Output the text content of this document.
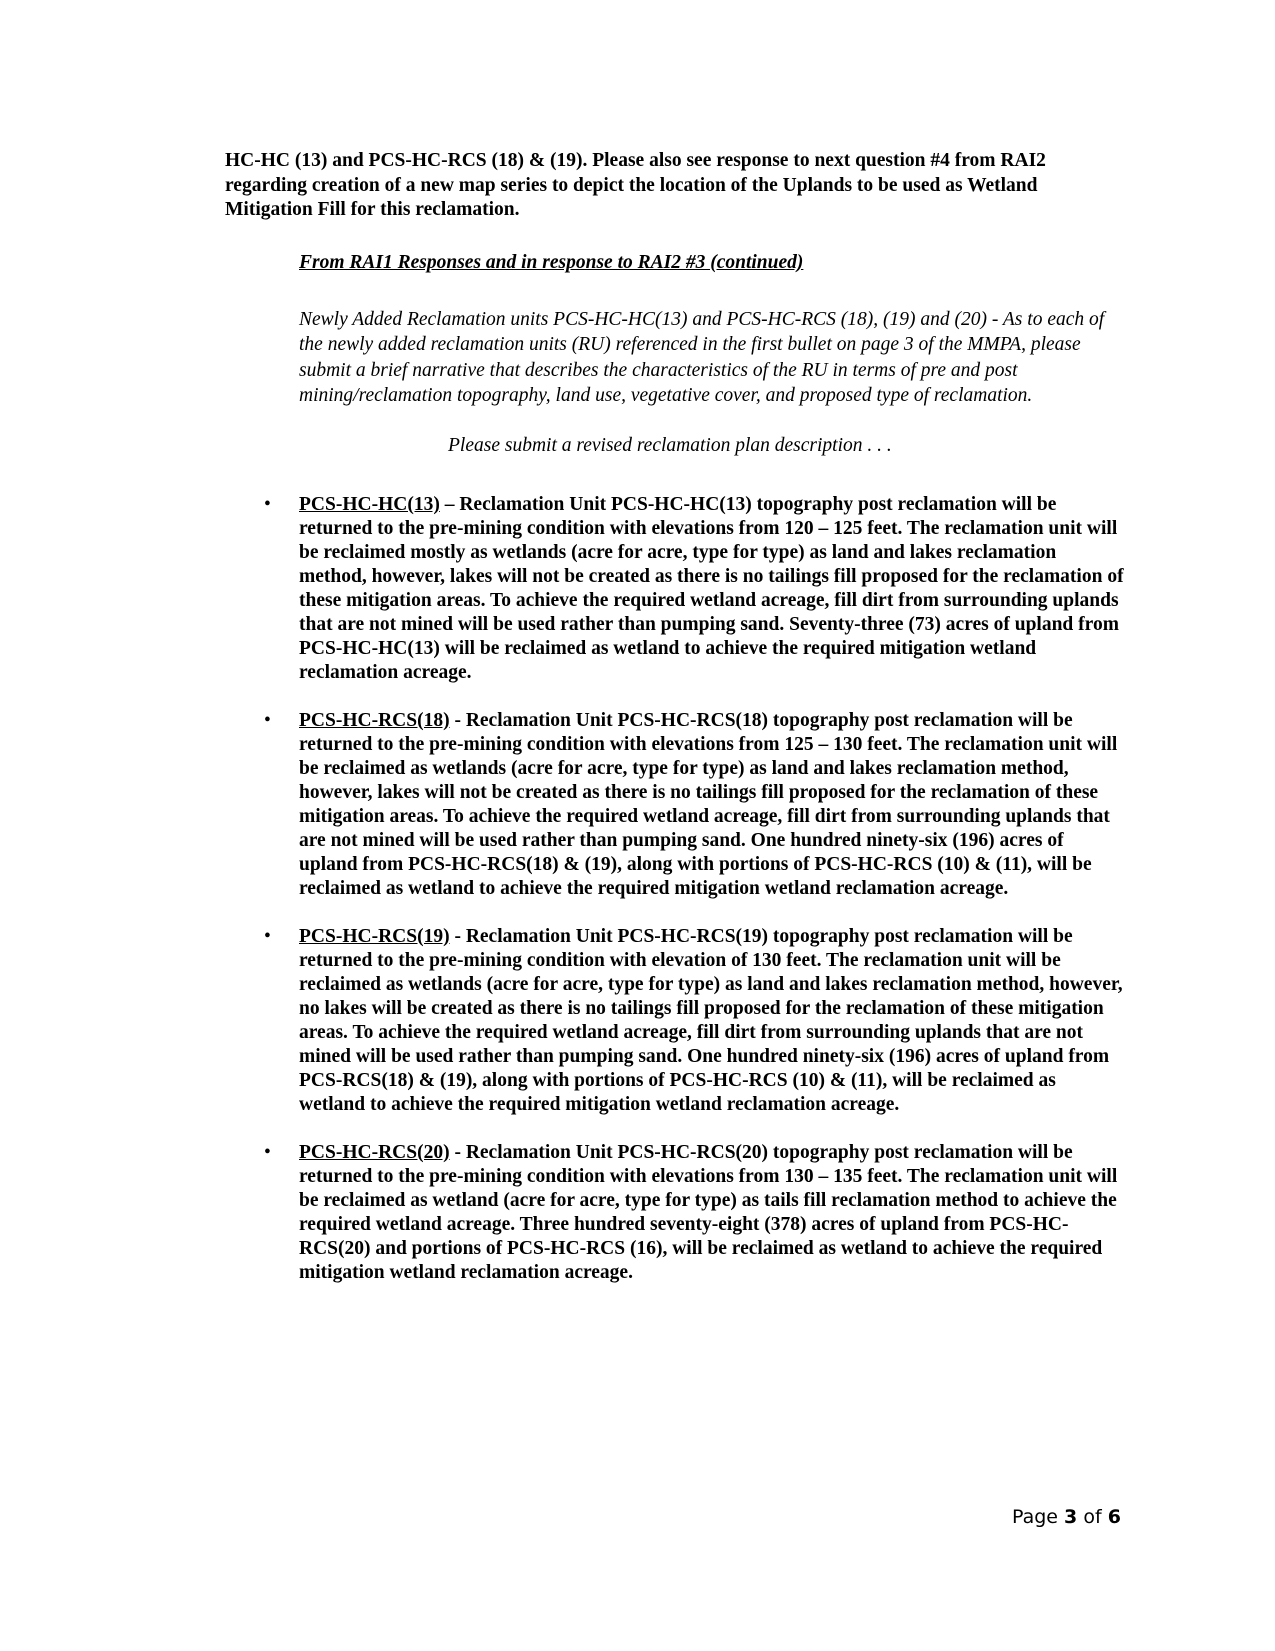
HC-HC (13) and PCS-HC-RCS (18) & (19). Please also see response to next question #4 from RAI2 regarding creation of a new map series to depict the location of the Uplands to be used as Wetland Mitigation Fill for this reclamation.

From RAI1 Responses and in response to RAI2 #3 (continued)

Newly Added Reclamation units PCS-HC-HC(13) and PCS-HC-RCS (18), (19) and (20) - As to each of the newly added reclamation units (RU) referenced in the first bullet on page 3 of the MMPA, please submit a brief narrative that describes the characteristics of the RU in terms of pre and post mining/reclamation topography, land use, vegetative cover, and proposed type of reclamation.

Please submit a revised reclamation plan description . . .

• PCS-HC-HC(13) – Reclamation Unit PCS-HC-HC(13) topography post reclamation will be returned to the pre-mining condition with elevations from 120 – 125 feet. The reclamation unit will be reclaimed mostly as wetlands (acre for acre, type for type) as land and lakes reclamation method, however, lakes will not be created as there is no tailings fill proposed for the reclamation of these mitigation areas. To achieve the required wetland acreage, fill dirt from surrounding uplands that are not mined will be used rather than pumping sand. Seventy-three (73) acres of upland from PCS-HC-HC(13) will be reclaimed as wetland to achieve the required mitigation wetland reclamation acreage.
• PCS-HC-RCS(18) - Reclamation Unit PCS-HC-RCS(18) topography post reclamation will be returned to the pre-mining condition with elevations from 125 – 130 feet. The reclamation unit will be reclaimed as wetlands (acre for acre, type for type) as land and lakes reclamation method, however, lakes will not be created as there is no tailings fill proposed for the reclamation of these mitigation areas. To achieve the required wetland acreage, fill dirt from surrounding uplands that are not mined will be used rather than pumping sand. One hundred ninety-six (196) acres of upland from PCS-HC-RCS(18) & (19), along with portions of PCS-HC-RCS (10) & (11), will be reclaimed as wetland to achieve the required mitigation wetland reclamation acreage.
• PCS-HC-RCS(19) - Reclamation Unit PCS-HC-RCS(19) topography post reclamation will be returned to the pre-mining condition with elevation of 130 feet. The reclamation unit will be reclaimed as wetlands (acre for acre, type for type) as land and lakes reclamation method, however, no lakes will be created as there is no tailings fill proposed for the reclamation of these mitigation areas. To achieve the required wetland acreage, fill dirt from surrounding uplands that are not mined will be used rather than pumping sand. One hundred ninety-six (196) acres of upland from PCS-RCS(18) & (19), along with portions of PCS-HC-RCS (10) & (11), will be reclaimed as wetland to achieve the required mitigation wetland reclamation acreage.
• PCS-HC-RCS(20) - Reclamation Unit PCS-HC-RCS(20) topography post reclamation will be returned to the pre-mining condition with elevations from 130 – 135 feet. The reclamation unit will be reclaimed as wetland (acre for acre, type for type) as tails fill reclamation method to achieve the required wetland acreage. Three hundred seventy-eight (378) acres of upland from PCS-HC-RCS(20) and portions of PCS-HC-RCS (16), will be reclaimed as wetland to achieve the required mitigation wetland reclamation acreage.
Page 3 of 6
